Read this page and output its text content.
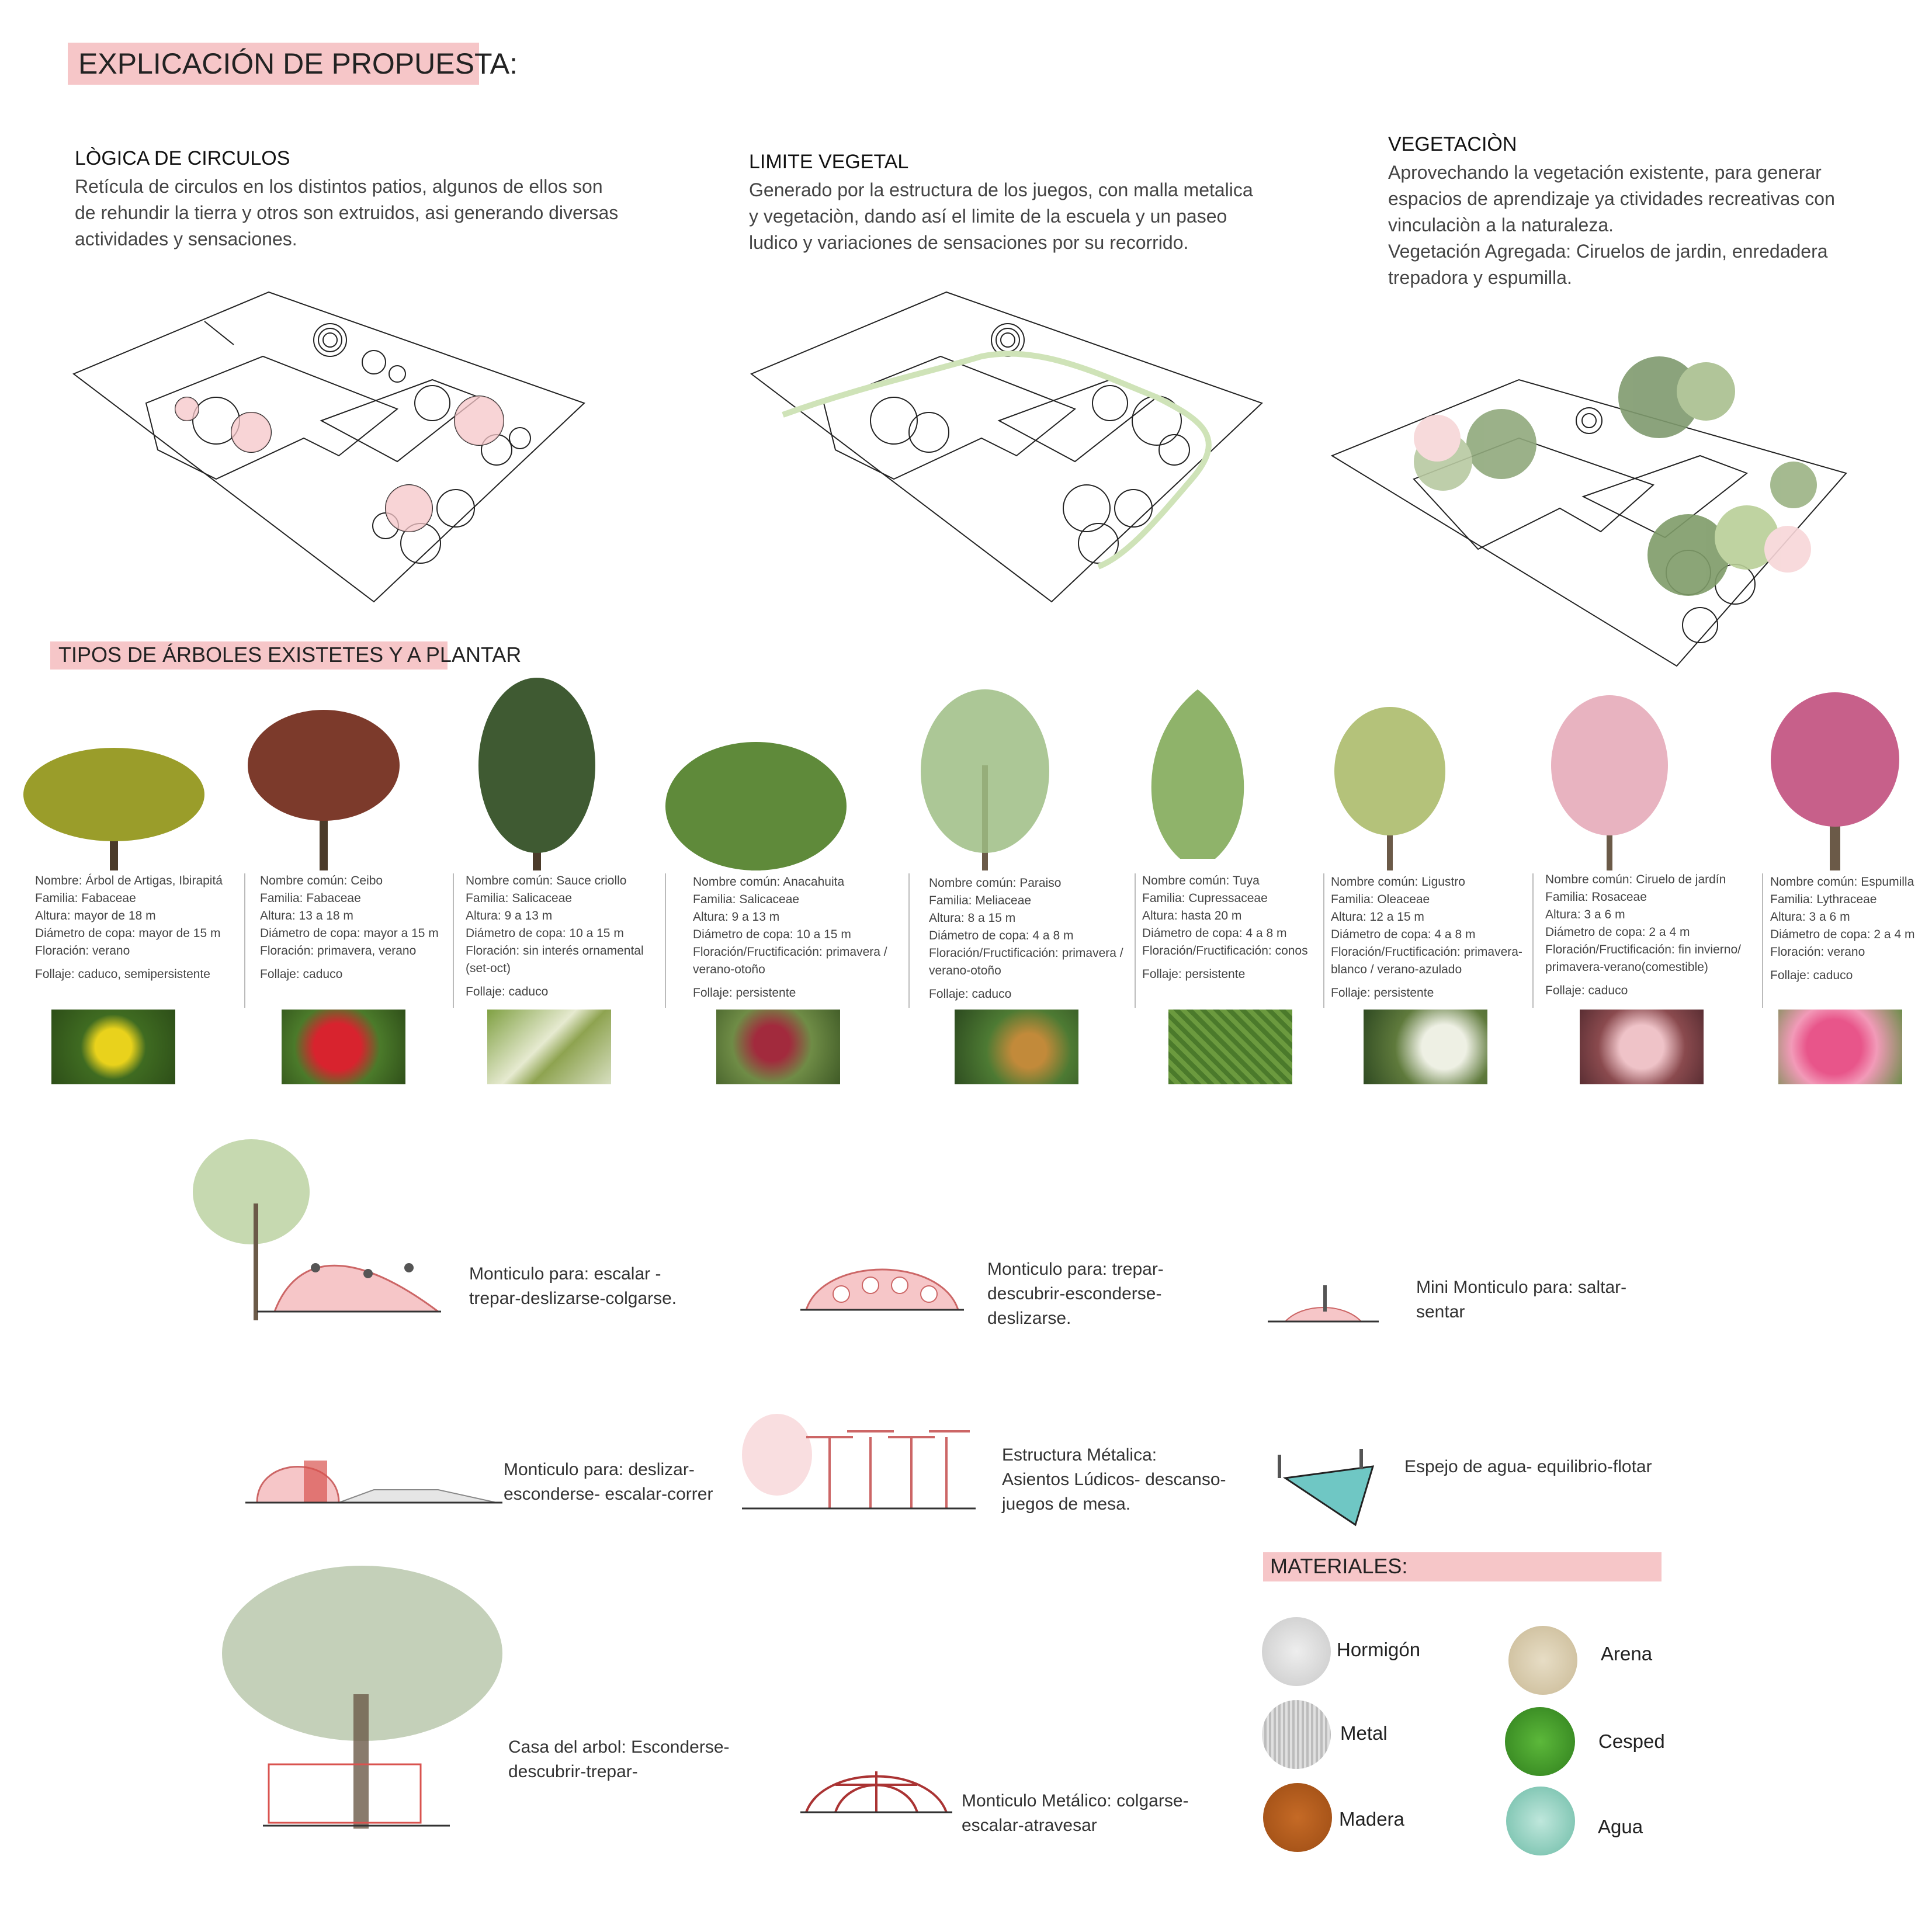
EXPLICACIÓN DE PROPUESTA:
LÒGICA DE CIRCULOS
Retícula de circulos en los distintos patios, algunos de ellos son
de rehundir la tierra y otros son extruidos, asi generando diversas
actividades y sensaciones.
LIMITE VEGETAL
Generado por la estructura de los juegos, con malla metalica
y vegetaciòn, dando así el limite de la escuela y un paseo
ludico y variaciones de sensaciones por su recorrido.
VEGETACIÒN
Aprovechando la vegetación existente, para generar
espacios de aprendizaje ya ctividades recreativas con
vinculaciòn a la naturaleza.
Vegetación Agregada: Ciruelos de jardin, enredadera
trepadora y espumilla.
TIPOS DE ÁRBOLES EXISTETES Y A PLANTAR
Nombre: Árbol de Artigas, Ibirapitá
Familia: Fabaceae
Altura: mayor de 18 m
Diámetro de copa: mayor de 15 m
Floración: verano
Follaje: caduco, semipersistente
Nombre común: Ceibo
Familia: Fabaceae
Altura: 13 a 18 m
Diámetro de copa: mayor a 15 m
Floración: primavera, verano
Follaje: caduco
Nombre común: Sauce criollo
Familia: Salicaceae
Altura: 9 a 13 m
Diámetro de copa: 10 a 15 m
Floración: sin interés ornamental
(set-oct)
Follaje: caduco
Nombre común: Anacahuita
Familia: Salicaceae
Altura: 9 a 13 m
Diámetro de copa: 10 a 15 m
Floración/Fructificación: primavera /
verano-otoño
Follaje: persistente
Nombre común: Paraiso
Familia: Meliaceae
Altura: 8 a 15 m
Diámetro de copa: 4 a 8 m
Floración/Fructificación: primavera /
verano-otoño
Follaje: caduco
Nombre común: Tuya
Familia: Cupressaceae
Altura: hasta 20 m
Diámetro de copa: 4 a 8 m
Floración/Fructificación: conos
Follaje: persistente
Nombre común: Ligustro
Familia: Oleaceae
Altura: 12 a 15 m
Diámetro de copa: 4 a 8 m
Floración/Fructificación: primavera-
blanco / verano-azulado
Follaje: persistente
Nombre común: Ciruelo de jardín
Familia: Rosaceae
Altura: 3 a 6 m
Diámetro de copa: 2 a 4 m
Floración/Fructificación: fin invierno/
primavera-verano(comestible)
Follaje: caduco
Nombre común: Espumilla
Familia: Lythraceae
Altura: 3 a 6 m
Diámetro de copa: 2 a 4 m
Floración: verano
Follaje: caduco
Monticulo para: escalar -
trepar-deslizarse-colgarse.
Monticulo para: trepar-
descubrir-esconderse-
deslizarse.
Mini Monticulo para: saltar-
sentar
Monticulo para: deslizar-
esconderse- escalar-correr
Estructura Métalica:
Asientos Lúdicos- descanso-
juegos de mesa.
Espejo de agua- equilibrio-flotar
Casa del arbol: Esconderse-
descubrir-trepar-
Monticulo Metálico: colgarse-
escalar-atravesar
MATERIALES:
Hormigón	Arena
Metal	Cesped
Madera	Agua
